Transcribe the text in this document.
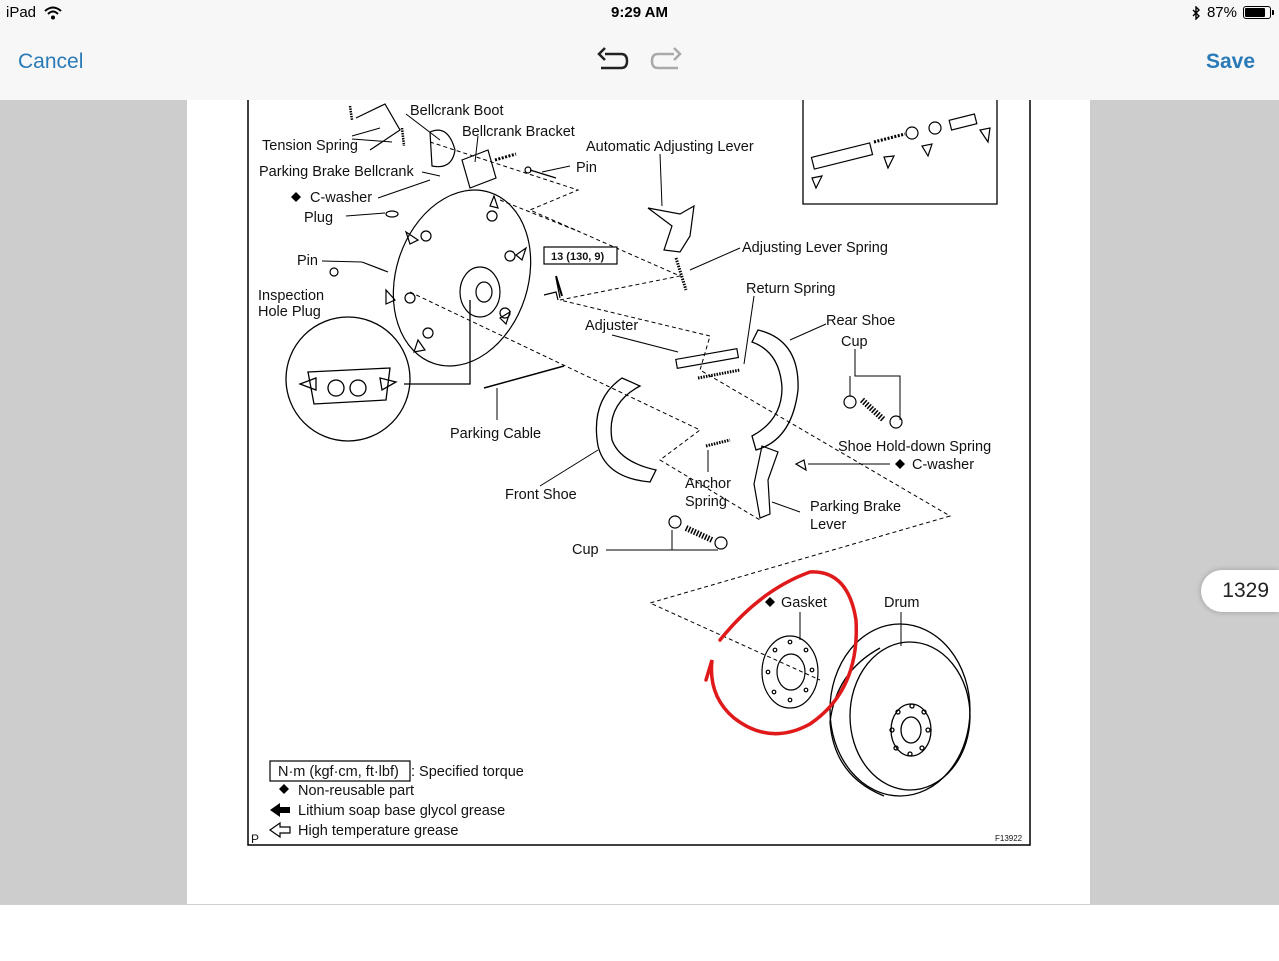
iPad	9:29 AM	87%
Cancel	Save
Bellcrank Boot
Bellcrank Bracket
Tension Spring
Parking Brake Bellcrank
C-washer
Plug
Pin
Inspection
Hole Plug
Pin
Automatic Adjusting Lever
Adjusting Lever Spring
13 (130, 9)
Return Spring
Rear Shoe
Adjuster
Cup
Parking Cable
Shoe Hold-down Spring
C-washer
Front Shoe
Anchor
Spring	Parking Brake
Lever
Cup
Gasket	Drum
N·m (kgf·cm, ft·lbf) : Specified torque
Non-reusable part
Lithium soap base glycol grease
High temperature grease
P	F13922
1329
